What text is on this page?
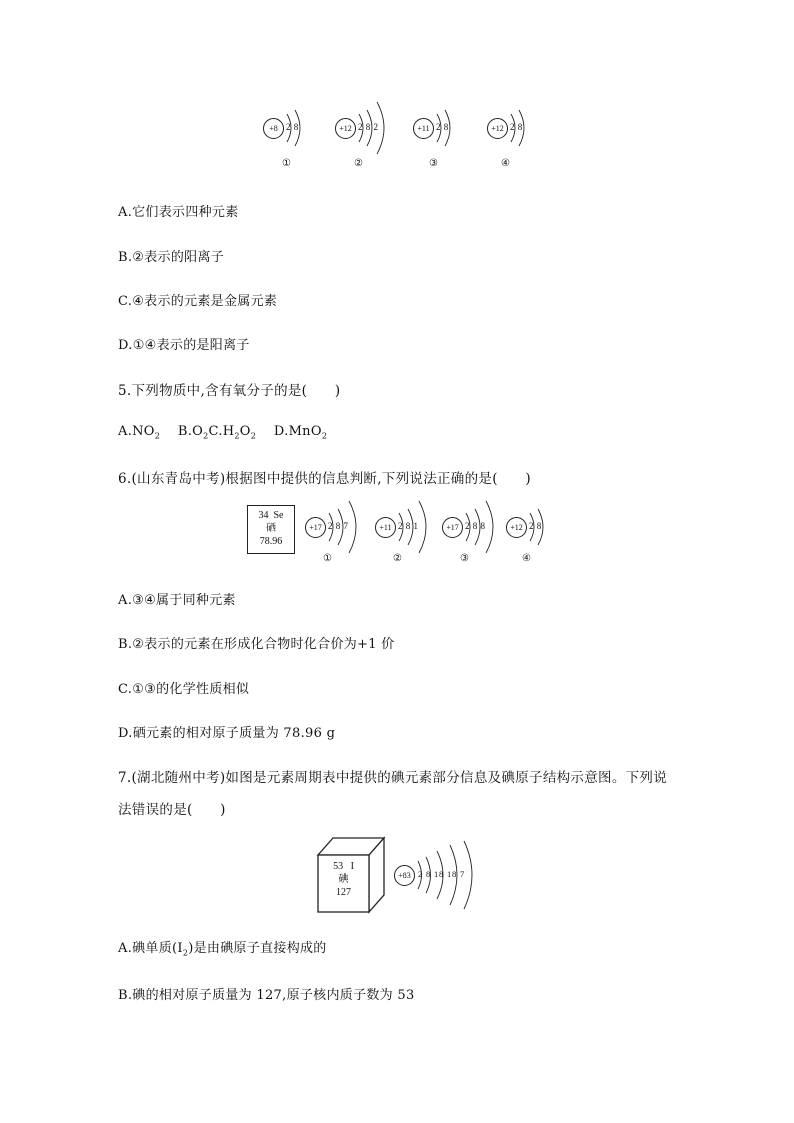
+8 2 8
①
+12 2 8 2
②
+11 2 8
③
+12 2 8
④
A.它们表示四种元素
B.②表示的阳离子
C.④表示的元素是金属元素
D.①④表示的是阳离子
5.下列物质中,含有氧分子的是(　　)
$A.NO_2$ $B.O_2C.H_2O_2$ D.MnO$_2$
6.(山东青岛中考)根据图中提供的信息判断,下列说法正确的是(　　)
34 Se
硒
78.96
+17 2 8 7
①
+11 2 8 1
②
+17 2 8 8
③
+12 2 8
④
A.③④属于同种元素
B.②表示的元素在形成化合物时化合价为+1 价
C.①③的化学性质相似
D.硒元素的相对原子质量为 78.96 g
7.(湖北随州中考)如图是元素周期表中提供的碘元素部分信息及碘原子结构示意图。下列说
法错误的是(　　)
53 I
碘
127
+83 2 8 18 18 7
A.碘单质$(I_2)$是由碘原子直接构成的
B.碘的相对原子质量为 127,原子核内质子数为 53
